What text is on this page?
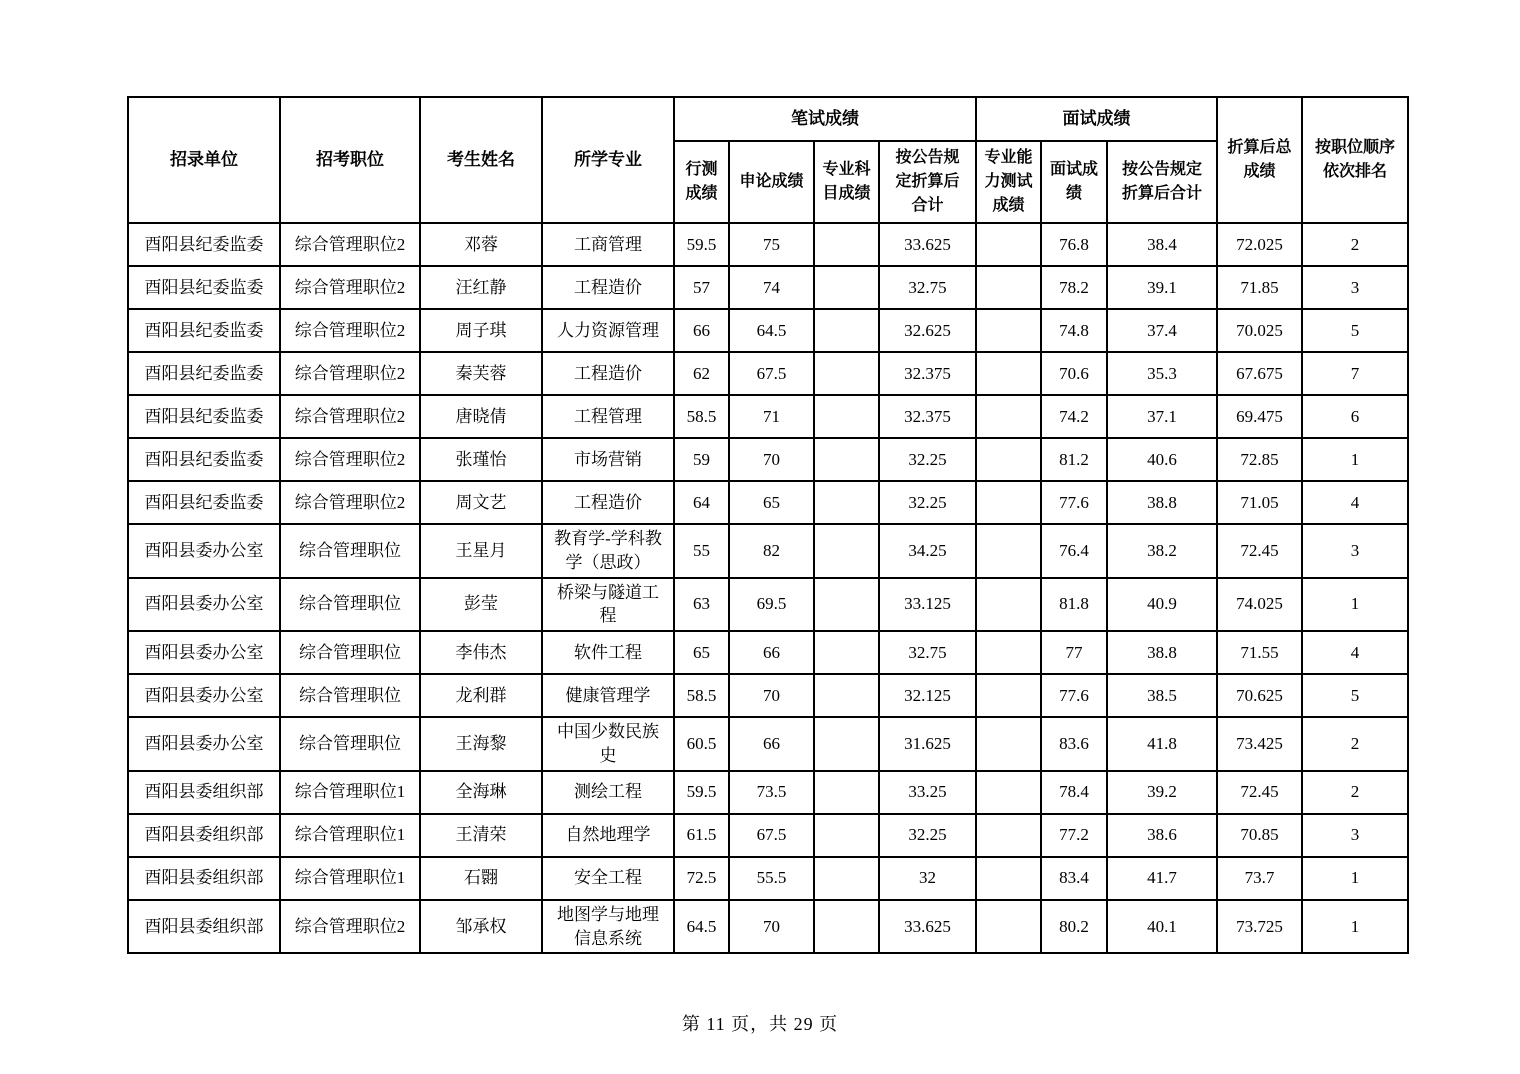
招录单位	招考职位	考生姓名	所学专业	笔试成绩				面试成绩			折算后总成绩	按职位顺序依次排名
				行测成绩	申论成绩	专业科目成绩	按公告规定折算后合计	专业能力测试成绩	面试成绩	按公告规定折算后合计		
酉阳县纪委监委	综合管理职位2	邓蓉	工商管理	59.5	75		33.625		76.8	38.4	72.025	2
酉阳县纪委监委	综合管理职位2	汪红静	工程造价	57	74		32.75		78.2	39.1	71.85	3
酉阳县纪委监委	综合管理职位2	周子琪	人力资源管理	66	64.5		32.625		74.8	37.4	70.025	5
酉阳县纪委监委	综合管理职位2	秦芙蓉	工程造价	62	67.5		32.375		70.6	35.3	67.675	7
酉阳县纪委监委	综合管理职位2	唐晓倩	工程管理	58.5	71		32.375		74.2	37.1	69.475	6
酉阳县纪委监委	综合管理职位2	张瑾怡	市场营销	59	70		32.25		81.2	40.6	72.85	1
酉阳县纪委监委	综合管理职位2	周文艺	工程造价	64	65		32.25		77.6	38.8	71.05	4
酉阳县委办公室	综合管理职位	王星月	教育学-学科教学（思政）	55	82		34.25		76.4	38.2	72.45	3
酉阳县委办公室	综合管理职位	彭莹	桥梁与隧道工程	63	69.5		33.125		81.8	40.9	74.025	1
酉阳县委办公室	综合管理职位	李伟杰	软件工程	65	66		32.75		77	38.8	71.55	4
酉阳县委办公室	综合管理职位	龙利群	健康管理学	58.5	70		32.125		77.6	38.5	70.625	5
酉阳县委办公室	综合管理职位	王海黎	中国少数民族史	60.5	66		31.625		83.6	41.8	73.425	2
酉阳县委组织部	综合管理职位1	全海琳	测绘工程	59.5	73.5		33.25		78.4	39.2	72.45	2
酉阳县委组织部	综合管理职位1	王清荣	自然地理学	61.5	67.5		32.25		77.2	38.6	70.85	3
酉阳县委组织部	综合管理职位1	石翾	安全工程	72.5	55.5		32		83.4	41.7	73.7	1
酉阳县委组织部	综合管理职位2	邹承权	地图学与地理信息系统	64.5	70		33.625		80.2	40.1	73.725	1
第 11 页，共 29 页
